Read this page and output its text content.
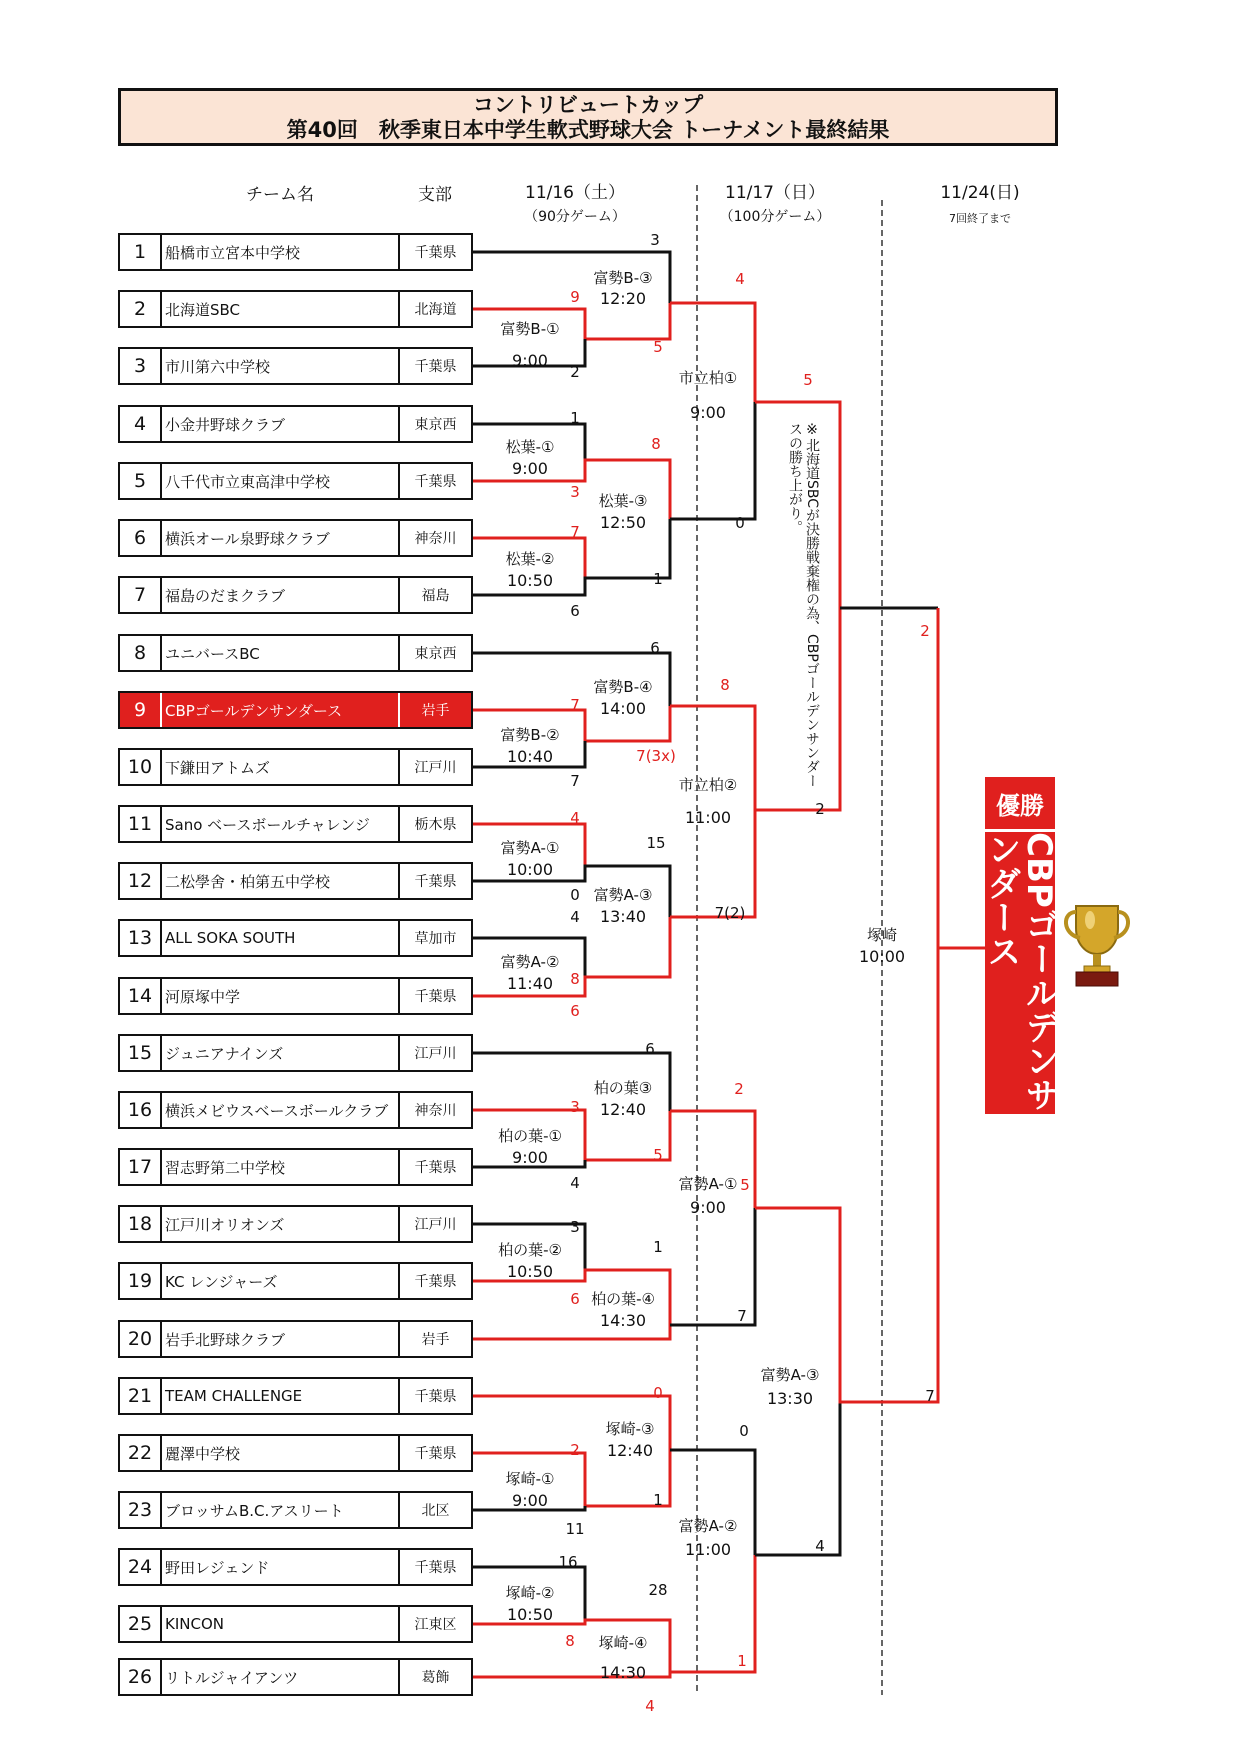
コントリビュートカップ
第40回　秋季東日本中学生軟式野球大会 トーナメント最終結果
チーム名	支部	11/16（土）
（90分ゲーム）
11/17（日）
（100分ゲーム）
11/24(日)
7回終了まで
1	船橋市立宮本中学校	千葉県
2	北海道SBC	北海道
3	市川第六中学校	千葉県
4	小金井野球クラブ	東京西
5	八千代市立東高津中学校	千葉県
6	横浜オール泉野球クラブ	神奈川
7	福島のだまクラブ	福島
8	ユニバースBC	東京西
9	CBPゴールデンサンダース	岩手
10 下鎌田アトムズ	江戸川
11 Sano ベースボールチャレンジ	栃木県
12 二松學舍・柏第五中学校	千葉県
13 ALL SOKA SOUTH	草加市
14 河原塚中学	千葉県
15 ジュニアナインズ	江戸川
16 横浜メビウスベースボールクラブ	神奈川
17 習志野第二中学校	千葉県
18 江戸川オリオンズ	江戸川
19 KC レンジャーズ	千葉県
20 岩手北野球クラブ	岩手
21 TEAM CHALLENGE	千葉県
22 麗澤中学校	千葉県
23 ブロッサムB.C.アスリート	北区
24 野田レジェンド	千葉県
25 KINCON	江東区
26 リトルジャイアンツ	葛飾
富勢B-①
9:00
富勢B-③
12:20
松葉-①
9:00
松葉-②
10:50
松葉-③
12:50
富勢B-②
10:40
富勢B-④
14:00
富勢A-①
10:00
富勢A-②
11:40
富勢A-③
13:40
柏の葉-①
9:00
柏の葉③
12:40
柏の葉-②
10:50
柏の葉-④
14:30
塚崎-①
9:00
塚崎-③
12:40
塚崎-②
10:50
塚崎-④
14:30
市立柏①
9:00
市立柏②
11:00
富勢A-①
9:00
富勢A-②
11:00
富勢A-③
13:30
塚崎
10:00
3
9
5
2
4
1
8
3
7
1
6
0
5
6
8
7
7(3x)
7
4
15
0
4
8
6
7(2)
2
2
6
3
5
4
2
3
1
6
7
5
0
2
1
11
0
16
28
8
4
1
4
7
※北海道SBCが決勝戦棄権の為、CBPゴールデンサンダースの勝ち上がり。
優勝
CBPゴールデンサンダース
